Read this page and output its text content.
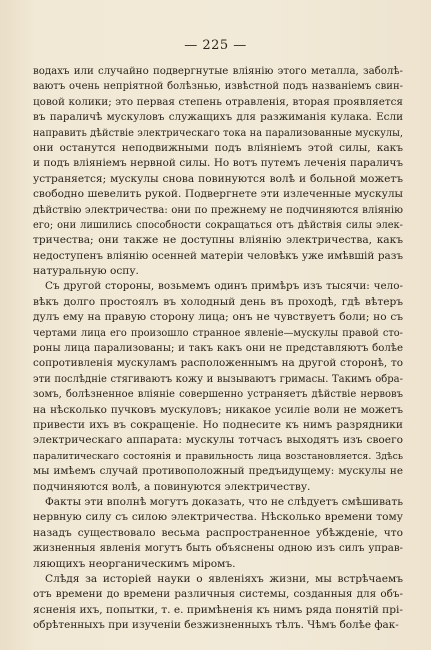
— 225 —
водахъ или случайно подвергнутые вліянію этого металла, заболѣ-
ваютъ очень непріятной болѣзнью, извѣстной подъ названіемъ свин-
цовой колики; это первая степень отравленія, вторая проявляется
въ параличѣ мускуловъ служащихъ для разжиманія кулака. Если
направить дѣйствіе электрическаго тока на парализованные мускулы,
они останутся неподвижными подъ вліяніемъ этой силы, какъ
и подъ вліяніемъ нервной силы. Но вотъ путемъ леченія параличъ
устраняется; мускулы снова повинуются волѣ и больной можетъ
свободно шевелить рукой. Подвергнете эти излеченные мускулы
дѣйствію электричества: они по прежнему не подчиняются вліянію
его; они лишились способности сокращаться отъ дѣйствія силы элек-
тричества; они также не доступны вліянію электричества, какъ
недоступенъ вліянію осенней матеріи человѣкъ уже имѣвшій разъ
натуральную оспу.
Съ другой стороны, возьмемъ одинъ примѣръ изъ тысячи: чело-
вѣкъ долго простоялъ въ холодный день въ проходѣ, гдѣ вѣтеръ
дулъ ему на правую сторону лица; онъ не чувствуетъ боли; но съ
чертами лица его произошло странное явленіе—мускулы правой сто-
роны лица парализованы; и такъ какъ они не представляютъ болѣе
сопротивленія мускуламъ расположеннымъ на другой сторонѣ, то
эти послѣдніе стягиваютъ кожу и вызываютъ гримасы. Такимъ обра-
зомъ, болѣзненное вліяніе совершенно устраняетъ дѣйствіе нервовъ
на нѣсколько пучковъ мускуловъ; никакое усиліе воли не можетъ
привести ихъ въ сокращеніе. Но поднесите къ нимъ разрядники
электрическаго аппарата: мускулы тотчасъ выходятъ изъ своего
паралитическаго состоянія и правильность лица возстановляется. Здѣсь
мы имѣемъ случай противоположный предъидущему: мускулы не
подчиняются волѣ, а повинуются электричеству.
Факты эти вполнѣ могутъ доказать, что не слѣдуетъ смѣшивать
нервную силу съ силою электричества. Нѣсколько времени тому
назадъ существовало весьма распространенное убѣжденіе, что
жизненныя явленія могутъ быть объяснены одною изъ силъ управ-
ляющихъ неорганическимъ міромъ.
Слѣдя за исторіей науки о явленіяхъ жизни, мы встрѣчаемъ
отъ времени до времени различныя системы, созданныя для объ-
ясненія ихъ, попытки, т. е. примѣненія къ нимъ ряда понятій прі-
обрѣтенныхъ при изученіи безжизненныхъ тѣлъ. Чѣмъ болѣе фак-
